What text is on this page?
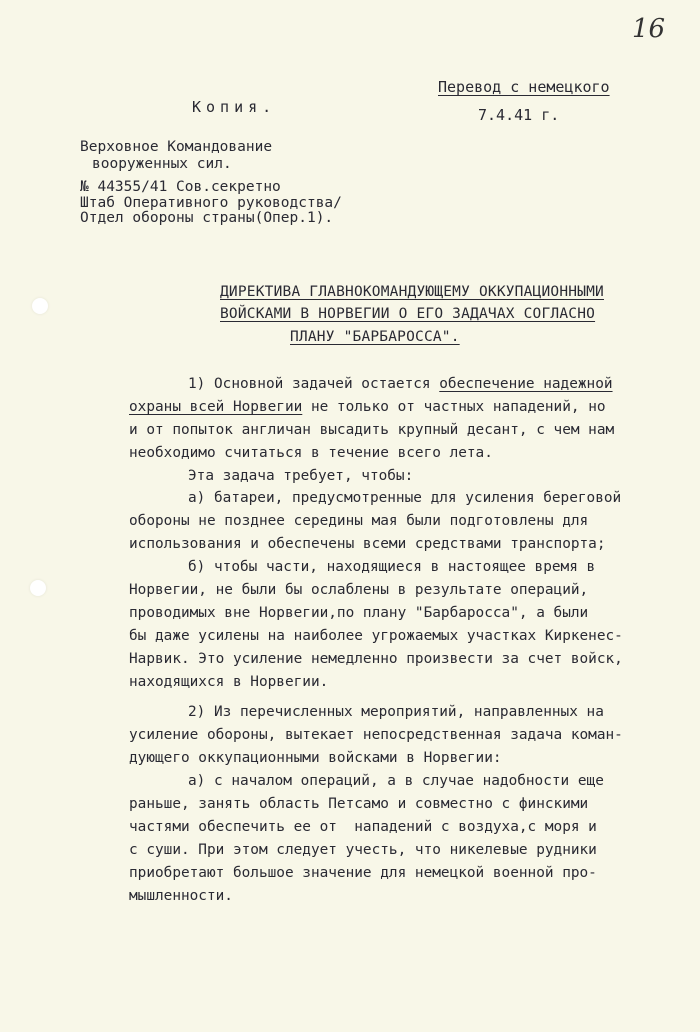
16
Перевод с немецкого
7.4.41 г.
Копия.
Верховное Командование
вооруженных сил.
№ 44355/41 Сов.секретно
Штаб Оперативного руководства/
Отдел обороны страны(Опер.1).
ДИРЕКТИВА ГЛАВНОКОМАНДУЮЩЕМУ ОККУПАЦИОННЫМИ
ВОЙСКАМИ В НОРВЕГИИ О ЕГО ЗАДАЧАХ СОГЛАСНО
ПЛАНУ "БАРБАРОССА".
1) Основной задачей остается обеспечение надежной
охраны всей Норвегии не только от частных нападений, но
и от попыток англичан высадить крупный десант, с чем нам
необходимо считаться в течение всего лета.
Эта задача требует, чтобы:
а) батареи, предусмотренные для усиления береговой
обороны не позднее середины мая были подготовлены для
использования и обеспечены всеми средствами транспорта;
б) чтобы части, находящиеся в настоящее время в
Норвегии, не были бы ослаблены в результате операций,
проводимых вне Норвегии,по плану "Барбаросса", а были
бы даже усилены на наиболее угрожаемых участках Киркенес-
Нарвик. Это усиление немедленно произвести за счет войск,
находящихся в Норвегии.
2) Из перечисленных мероприятий, направленных на
усиление обороны, вытекает непосредственная задача коман-
дующего оккупационными войсками в Норвегии:
а) с началом операций, а в случае надобности еще
раньше, занять область Петсамо и совместно с финскими
частями обеспечить ее от  нападений с воздуха,с моря и
с суши. При этом следует учесть, что никелевые рудники
приобретают большое значение для немецкой военной про-
мышленности.
